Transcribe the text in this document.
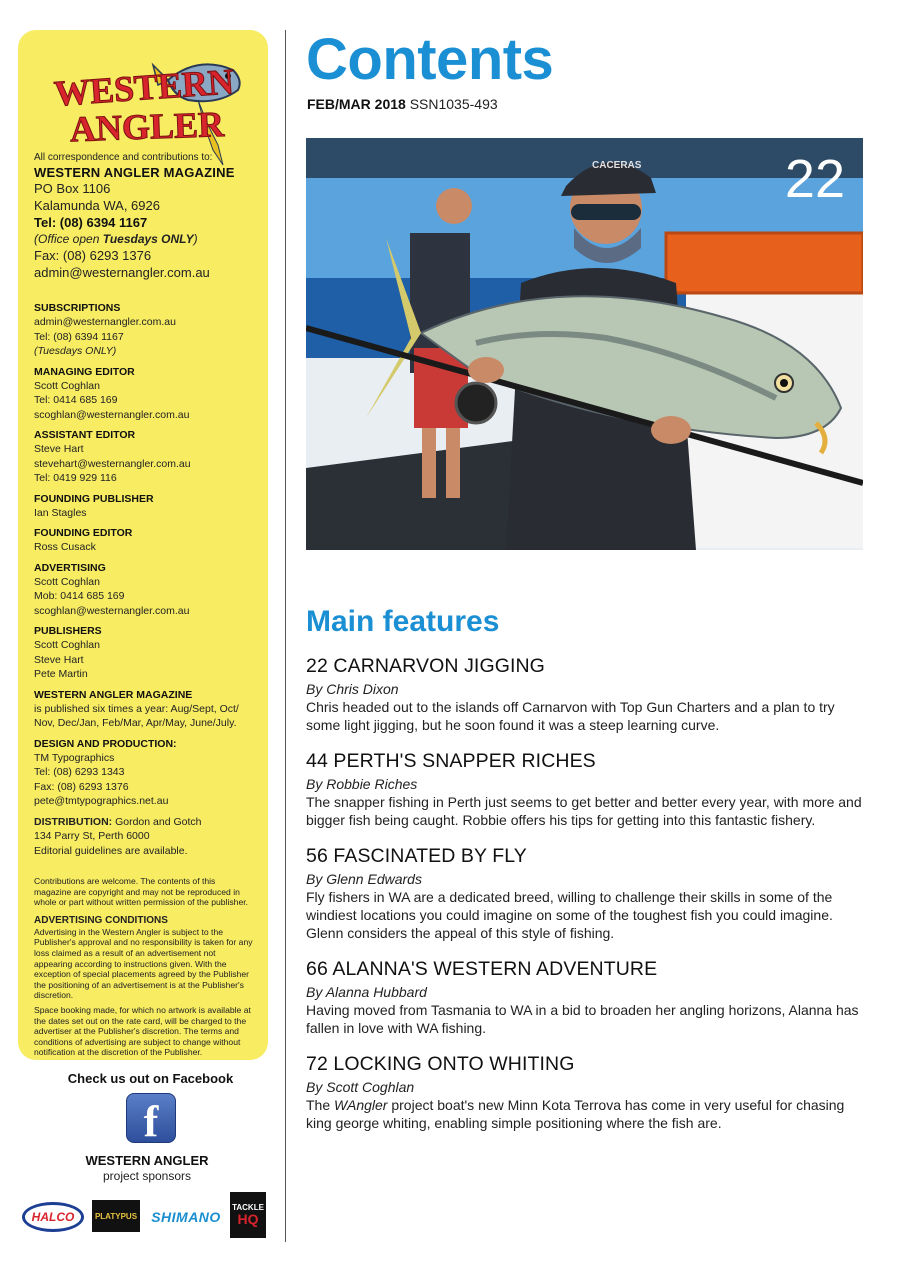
WESTERN
ANGLER
All correspondence and contributions to:
WESTERN ANGLER MAGAZINE
PO Box 1106
Kalamunda WA, 6926
Tel: (08) 6394 1167
(Office open Tuesdays ONLY)
Fax: (08) 6293 1376
admin@westernangler.com.au
SUBSCRIPTIONS
admin@westernangler.com.au
Tel: (08) 6394 1167
(Tuesdays ONLY)
MANAGING EDITOR
Scott Coghlan
Tel: 0414 685 169
scoghlan@westernangler.com.au
ASSISTANT EDITOR
Steve Hart
stevehart@westernangler.com.au
Tel: 0419 929 116
FOUNDING PUBLISHER
Ian Stagles
FOUNDING EDITOR
Ross Cusack
ADVERTISING
Scott Coghlan
Mob: 0414 685 169
scoghlan@westernangler.com.au
PUBLISHERS
Scott Coghlan
Steve Hart
Pete Martin
WESTERN ANGLER MAGAZINE
is published six times a year: Aug/Sept, Oct/
Nov, Dec/Jan, Feb/Mar, Apr/May, June/July.
DESIGN AND PRODUCTION:
TM Typographics
Tel: (08) 6293 1343
Fax: (08) 6293 1376
pete@tmtypographics.net.au
DISTRIBUTION: Gordon and Gotch
134 Parry St, Perth 6000
Editorial guidelines are available.
Contributions are welcome. The contents of this magazine are copyright and may not be reproduced in whole or part without written permission of the publisher.
ADVERTISING CONDITIONS
Advertising in the Western Angler is subject to the Publisher's approval and no responsibility is taken for any loss claimed as a result of an advertisement not appearing according to instructions given. With the exception of special placements agreed by the Publisher the positioning of an advertisement is at the Publisher's discretion.
Space booking made, for which no artwork is available at the dates set out on the rate card, will be charged to the advertiser at the Publisher's discretion. The terms and conditions of advertising are subject to change without notification at the discretion of the Publisher.
Check us out on Facebook
f
WESTERN ANGLER
project sponsors
HALCO	PLATYPUS	SHIMANO
TACKLE
HQ
Contents
FEB/MAR 2018 SSN1035-493
CACERAS	22
Main features
22 CARNARVON JIGGING
By Chris Dixon
Chris headed out to the islands off Carnarvon with Top Gun Charters and a plan to try some light jigging, but he soon found it was a steep learning curve.
44 PERTH'S SNAPPER RICHES
By Robbie Riches
The snapper fishing in Perth just seems to get better and better every year, with more and bigger fish being caught. Robbie offers his tips for getting into this fantastic fishery.
56 FASCINATED BY FLY
By Glenn Edwards
Fly fishers in WA are a dedicated breed, willing to challenge their skills in some of the windiest locations you could imagine on some of the toughest fish you could imagine. Glenn considers the appeal of this style of fishing.
66 ALANNA'S WESTERN ADVENTURE
By Alanna Hubbard
Having moved from Tasmania to WA in a bid to broaden her angling horizons, Alanna has fallen in love with WA fishing.
72 LOCKING ONTO WHITING
By Scott Coghlan
The WAngler project boat's new Minn Kota Terrova has come in very useful for chasing king george whiting, enabling simple positioning where the fish are.
